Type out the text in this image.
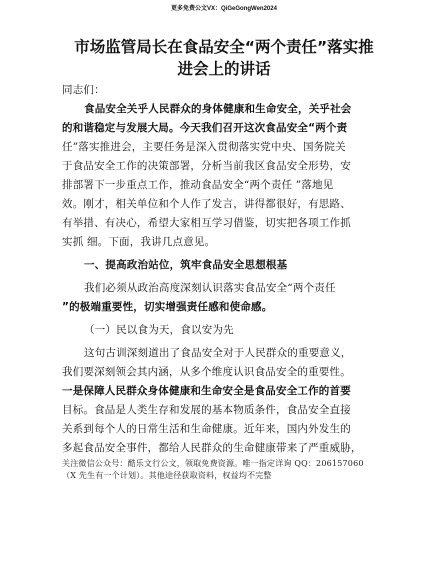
更多免费公文VX：QiGeGongWen2024
市场监管局长在食品安全“两个责任”落实推
进会上的讲话
同志们：
食品安全关乎人民群众的身体健康和生命安全，关乎社会
的和谐稳定与发展大局。今天我们召开这次食品安全“两个责
任”落实推进会，主要任务是深入贯彻落实党中央、国务院关
于食品安全工作的决策部署，分析当前我区食品安全形势，安
排部署下一步重点工作，推动食品安全“两个责任 ”落地见
效。刚才，相关单位和个人作了发言，讲得都很好，有思路、
有举措、有决心，希望大家相互学习借鉴，切实把各项工作抓
实抓 细。下面，我讲几点意见。
一、提高政治站位，筑牢食品安全思想根基
我们必须从政治高度深刻认识落实食品安全“两个责任
”的极端重要性，切实增强责任感和使命感。
（一）民以食为天，食以安为先
这句古训深刻道出了食品安全对于人民群众的重要意义，
我们要深刻领会其内涵，从多个维度认识食品安全的重要性。
一是保障人民群众身体健康和生命安全是食品安全工作的首要
目标。食品是人类生存和发展的基本物质条件，食品安全直接
关系到每个人的日常生活和生命健康。近年来，国内外发生的
多起食品安全事件，都给人民群众的生命健康带来了严重威胁，
关注微信公众号：酷乐文行公文，领取免费资源。唯一指定详询 QQ：206157060
（X 先生有一个计划）。其他途径获取资料，权益均不完整
